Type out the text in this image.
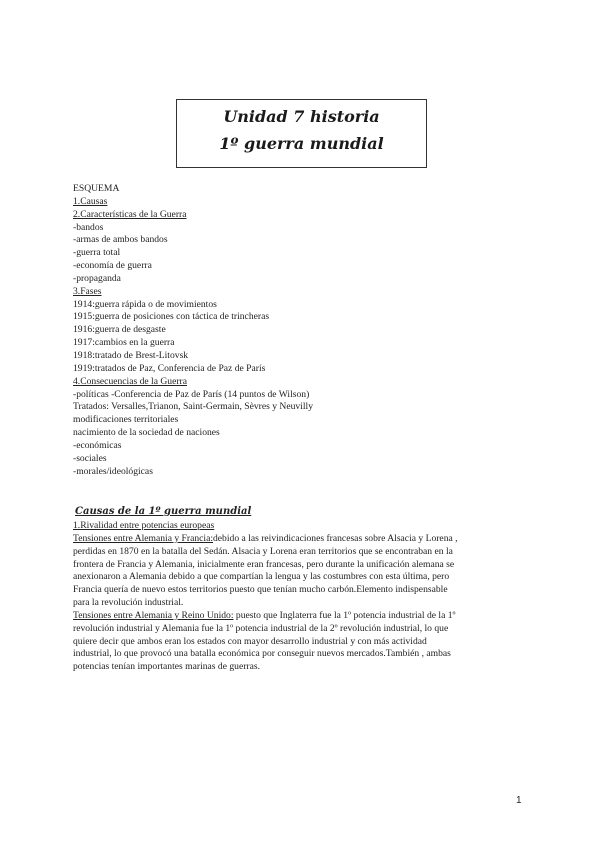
Unidad 7 historia
1º guerra mundial
ESQUEMA
1.Causas
2.Características de la Guerra
-bandos
-armas de ambos bandos
-guerra total
-economía de guerra
-propaganda
3.Fases
1914:guerra rápida o de movimientos
1915:guerra de posiciones con táctica de trincheras
1916:guerra de desgaste
1917:cambios en la guerra
1918:tratado de Brest-Litovsk
1919:tratados de Paz, Conferencia de Paz de París
4.Consecuencias de la Guerra
-políticas -Conferencia de Paz de París (14 puntos de Wilson)
Tratados: Versalles,Trianon, Saint-Germain, Sèvres y Neuvilly
modificaciones territoriales
nacimiento de la sociedad de naciones
-económicas
-sociales
-morales/ideológicas
Causas de la 1º guerra mundial
1.Rivalidad entre potencias europeas
Tensiones entre Alemania y Francia:debido a las reivindicaciones francesas sobre Alsacia y Lorena ,
perdidas en 1870 en la batalla del Sedán. Alsacia y Lorena eran territorios que se encontraban en la
frontera de Francia y Alemania, inicialmente eran francesas, pero durante la unificación alemana se
anexionaron a Alemania debido a que compartían la lengua y las costumbres con esta última, pero
Francia quería de nuevo estos territorios puesto que tenían mucho carbón.Elemento indispensable
para la revolución industrial.
Tensiones entre Alemania y Reino Unido: puesto que Inglaterra fue la 1º potencia industrial de la 1º
revolución industrial y Alemania fue la 1º potencia industrial de la 2º revolución industrial, lo que
quiere decir que ambos eran los estados con mayor desarrollo industrial y con más actividad
industrial, lo que provocó una batalla económica por conseguir nuevos mercados.También , ambas
potencias tenían importantes marinas de guerras.
1
